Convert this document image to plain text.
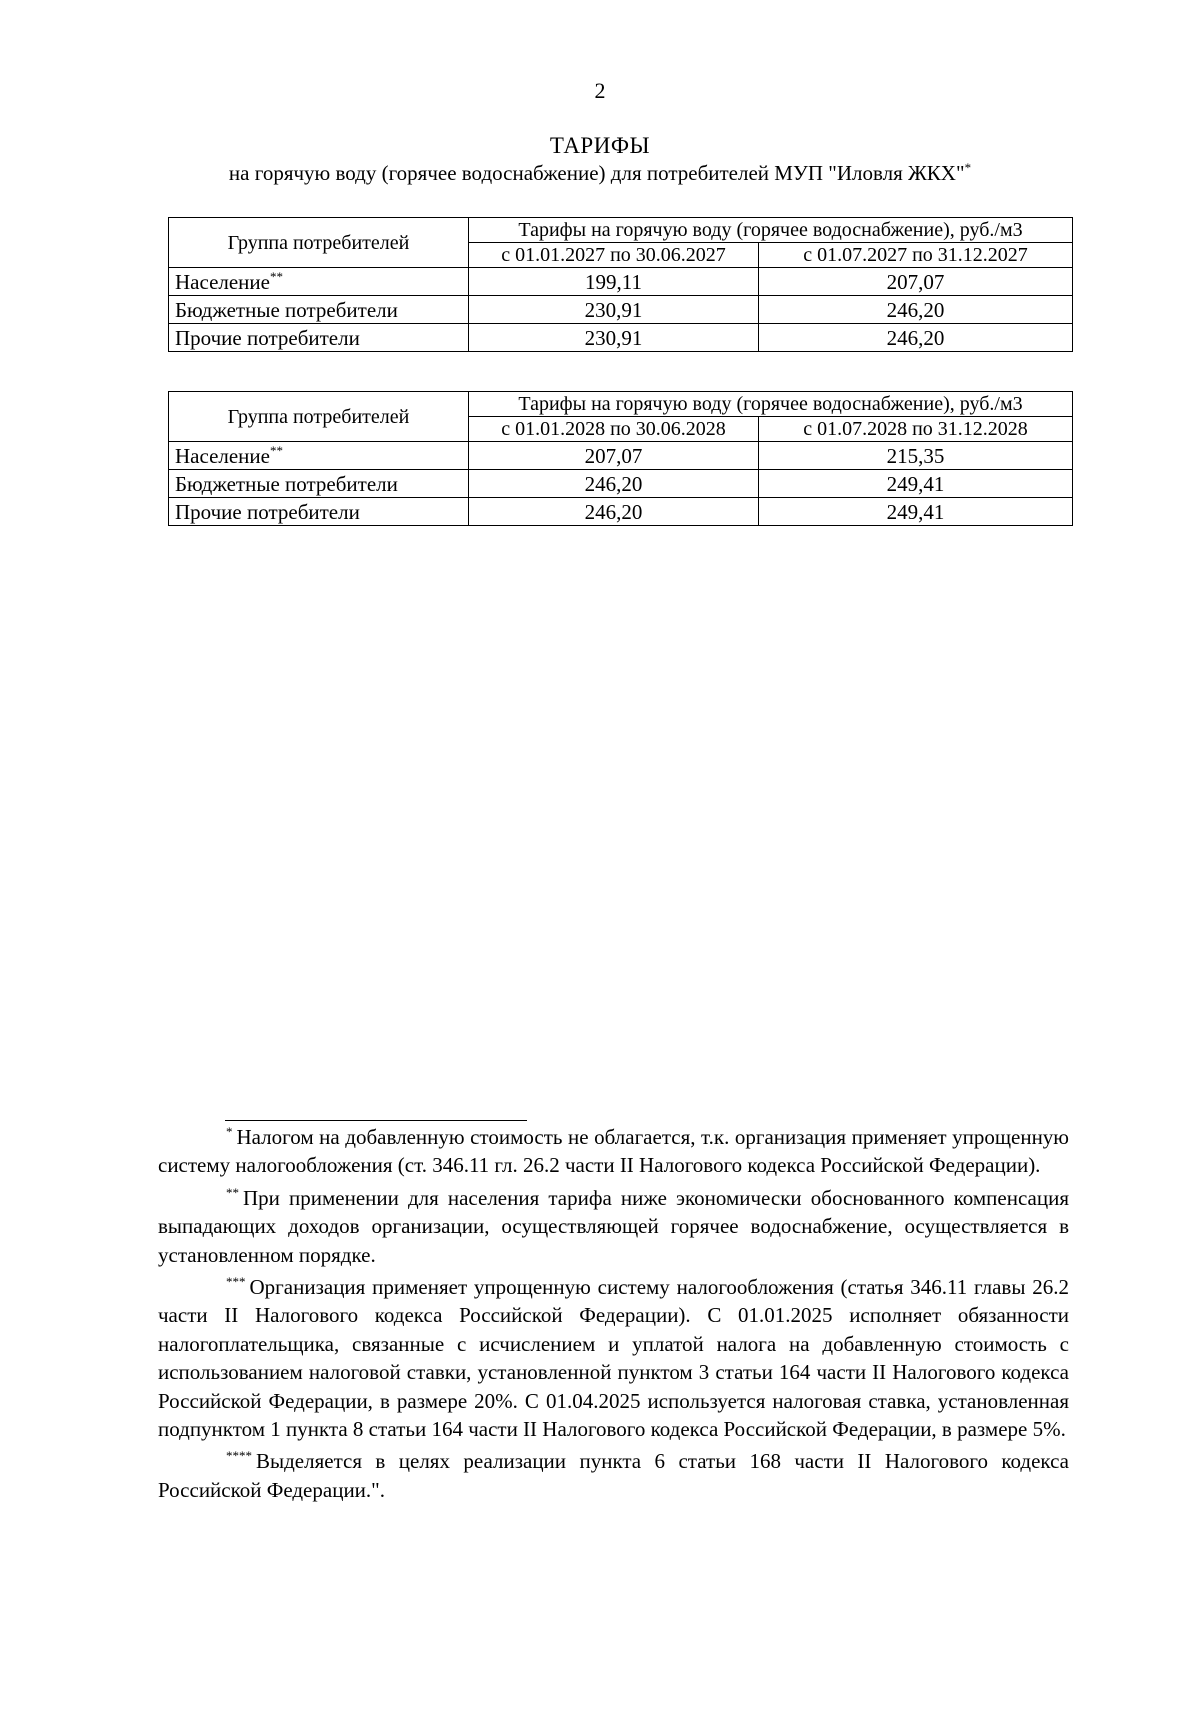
2
ТАРИФЫ
на горячую воду (горячее водоснабжение) для потребителей МУП "Иловля ЖКХ"*
Группа потребителей	Тарифы на горячую воду (горячее водоснабжение), руб./м3	
	с 01.01.2027 по 30.06.2027	с 01.07.2027 по 31.12.2027
Население**	199,11	207,07
Бюджетные потребители	230,91	246,20
Прочие потребители	230,91	246,20
Группа потребителей	Тарифы на горячую воду (горячее водоснабжение), руб./м3	
	с 01.01.2028 по 30.06.2028	с 01.07.2028 по 31.12.2028
Население**	207,07	215,35
Бюджетные потребители	246,20	249,41
Прочие потребители	246,20	249,41

* Налогом на добавленную стоимость не облагается, т.к. организация применяет упрощенную систему налогообложения (ст. 346.11 гл. 26.2 части II Налогового кодекса Российской Федерации).

** При применении для населения тарифа ниже экономически обоснованного компенсация выпадающих доходов организации, осуществляющей горячее водоснабжение, осуществляется в установленном порядке.

*** Организация применяет упрощенную систему налогообложения (статья 346.11 главы 26.2 части II Налогового кодекса Российской Федерации). С 01.01.2025 исполняет обязанности налогоплательщика, связанные с исчислением и уплатой налога на добавленную стоимость с использованием налоговой ставки, установленной пунктом 3 статьи 164 части II Налогового кодекса Российской Федерации, в размере 20%. С 01.04.2025 используется налоговая ставка, установленная подпунктом 1 пункта 8 статьи 164 части II Налогового кодекса Российской Федерации, в размере 5%.

**** Выделяется в целях реализации пункта 6 статьи 168 части II Налогового кодекса Российской Федерации.".
